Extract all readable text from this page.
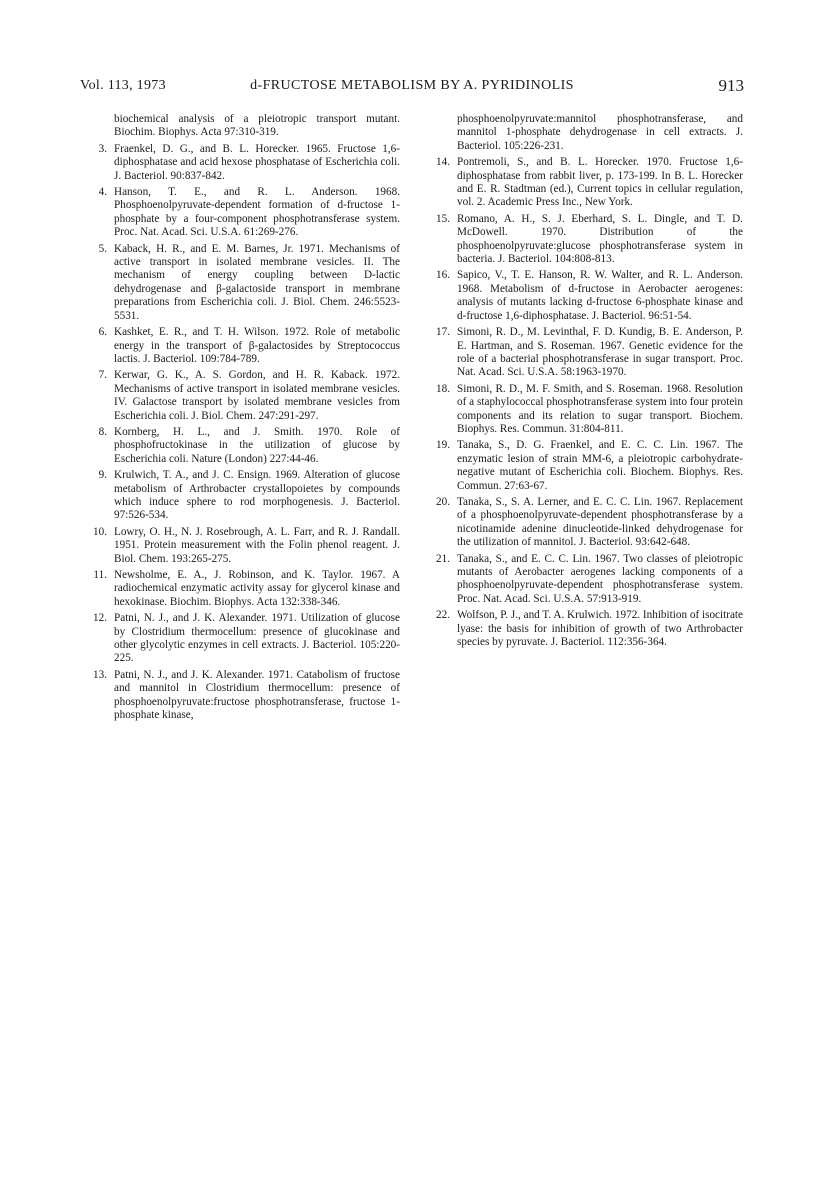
Vol. 113, 1973	d-FRUCTOSE METABOLISM BY A. PYRIDINOLIS	913
biochemical analysis of a pleiotropic transport mutant. Biochim. Biophys. Acta 97:310-319.
3. Fraenkel, D. G., and B. L. Horecker. 1965. Fructose 1,6-diphosphatase and acid hexose phosphatase of Escherichia coli. J. Bacteriol. 90:837-842.
4. Hanson, T. E., and R. L. Anderson. 1968. Phosphoenolpyruvate-dependent formation of d-fructose 1-phosphate by a four-component phosphotransferase system. Proc. Nat. Acad. Sci. U.S.A. 61:269-276.
5. Kaback, H. R., and E. M. Barnes, Jr. 1971. Mechanisms of active transport in isolated membrane vesicles. II. The mechanism of energy coupling between D-lactic dehydrogenase and β-galactoside transport in membrane preparations from Escherichia coli. J. Biol. Chem. 246:5523-5531.
6. Kashket, E. R., and T. H. Wilson. 1972. Role of metabolic energy in the transport of β-galactosides by Streptococcus lactis. J. Bacteriol. 109:784-789.
7. Kerwar, G. K., A. S. Gordon, and H. R. Kaback. 1972. Mechanisms of active transport in isolated membrane vesicles. IV. Galactose transport by isolated membrane vesicles from Escherichia coli. J. Biol. Chem. 247:291-297.
8. Kornberg, H. L., and J. Smith. 1970. Role of phosphofructokinase in the utilization of glucose by Escherichia coli. Nature (London) 227:44-46.
9. Krulwich, T. A., and J. C. Ensign. 1969. Alteration of glucose metabolism of Arthrobacter crystallopoietes by compounds which induce sphere to rod morphogenesis. J. Bacteriol. 97:526-534.
10. Lowry, O. H., N. J. Rosebrough, A. L. Farr, and R. J. Randall. 1951. Protein measurement with the Folin phenol reagent. J. Biol. Chem. 193:265-275.
11. Newsholme, E. A., J. Robinson, and K. Taylor. 1967. A radiochemical enzymatic activity assay for glycerol kinase and hexokinase. Biochim. Biophys. Acta 132:338-346.
12. Patni, N. J., and J. K. Alexander. 1971. Utilization of glucose by Clostridium thermocellum: presence of glucokinase and other glycolytic enzymes in cell extracts. J. Bacteriol. 105:220-225.
13. Patni, N. J., and J. K. Alexander. 1971. Catabolism of fructose and mannitol in Clostridium thermocellum: presence of phosphoenolpyruvate:fructose phosphotransferase, fructose 1-phosphate kinase,
phosphoenolpyruvate:mannitol phosphotransferase, and mannitol 1-phosphate dehydrogenase in cell extracts. J. Bacteriol. 105:226-231.
14. Pontremoli, S., and B. L. Horecker. 1970. Fructose 1,6-diphosphatase from rabbit liver, p. 173-199. In B. L. Horecker and E. R. Stadtman (ed.), Current topics in cellular regulation, vol. 2. Academic Press Inc., New York.
15. Romano, A. H., S. J. Eberhard, S. L. Dingle, and T. D. McDowell. 1970. Distribution of the phosphoenolpyruvate:glucose phosphotransferase system in bacteria. J. Bacteriol. 104:808-813.
16. Sapico, V., T. E. Hanson, R. W. Walter, and R. L. Anderson. 1968. Metabolism of d-fructose in Aerobacter aerogenes: analysis of mutants lacking d-fructose 6-phosphate kinase and d-fructose 1,6-diphosphatase. J. Bacteriol. 96:51-54.
17. Simoni, R. D., M. Levinthal, F. D. Kundig, B. E. Anderson, P. E. Hartman, and S. Roseman. 1967. Genetic evidence for the role of a bacterial phosphotransferase in sugar transport. Proc. Nat. Acad. Sci. U.S.A. 58:1963-1970.
18. Simoni, R. D., M. F. Smith, and S. Roseman. 1968. Resolution of a staphylococcal phosphotransferase system into four protein components and its relation to sugar transport. Biochem. Biophys. Res. Commun. 31:804-811.
19. Tanaka, S., D. G. Fraenkel, and E. C. C. Lin. 1967. The enzymatic lesion of strain MM-6, a pleiotropic carbohydrate-negative mutant of Escherichia coli. Biochem. Biophys. Res. Commun. 27:63-67.
20. Tanaka, S., S. A. Lerner, and E. C. C. Lin. 1967. Replacement of a phosphoenolpyruvate-dependent phosphotransferase by a nicotinamide adenine dinucleotide-linked dehydrogenase for the utilization of mannitol. J. Bacteriol. 93:642-648.
21. Tanaka, S., and E. C. C. Lin. 1967. Two classes of pleiotropic mutants of Aerobacter aerogenes lacking components of a phosphoenolpyruvate-dependent phosphotransferase system. Proc. Nat. Acad. Sci. U.S.A. 57:913-919.
22. Wolfson, P. J., and T. A. Krulwich. 1972. Inhibition of isocitrate lyase: the basis for inhibition of growth of two Arthrobacter species by pyruvate. J. Bacteriol. 112:356-364.
